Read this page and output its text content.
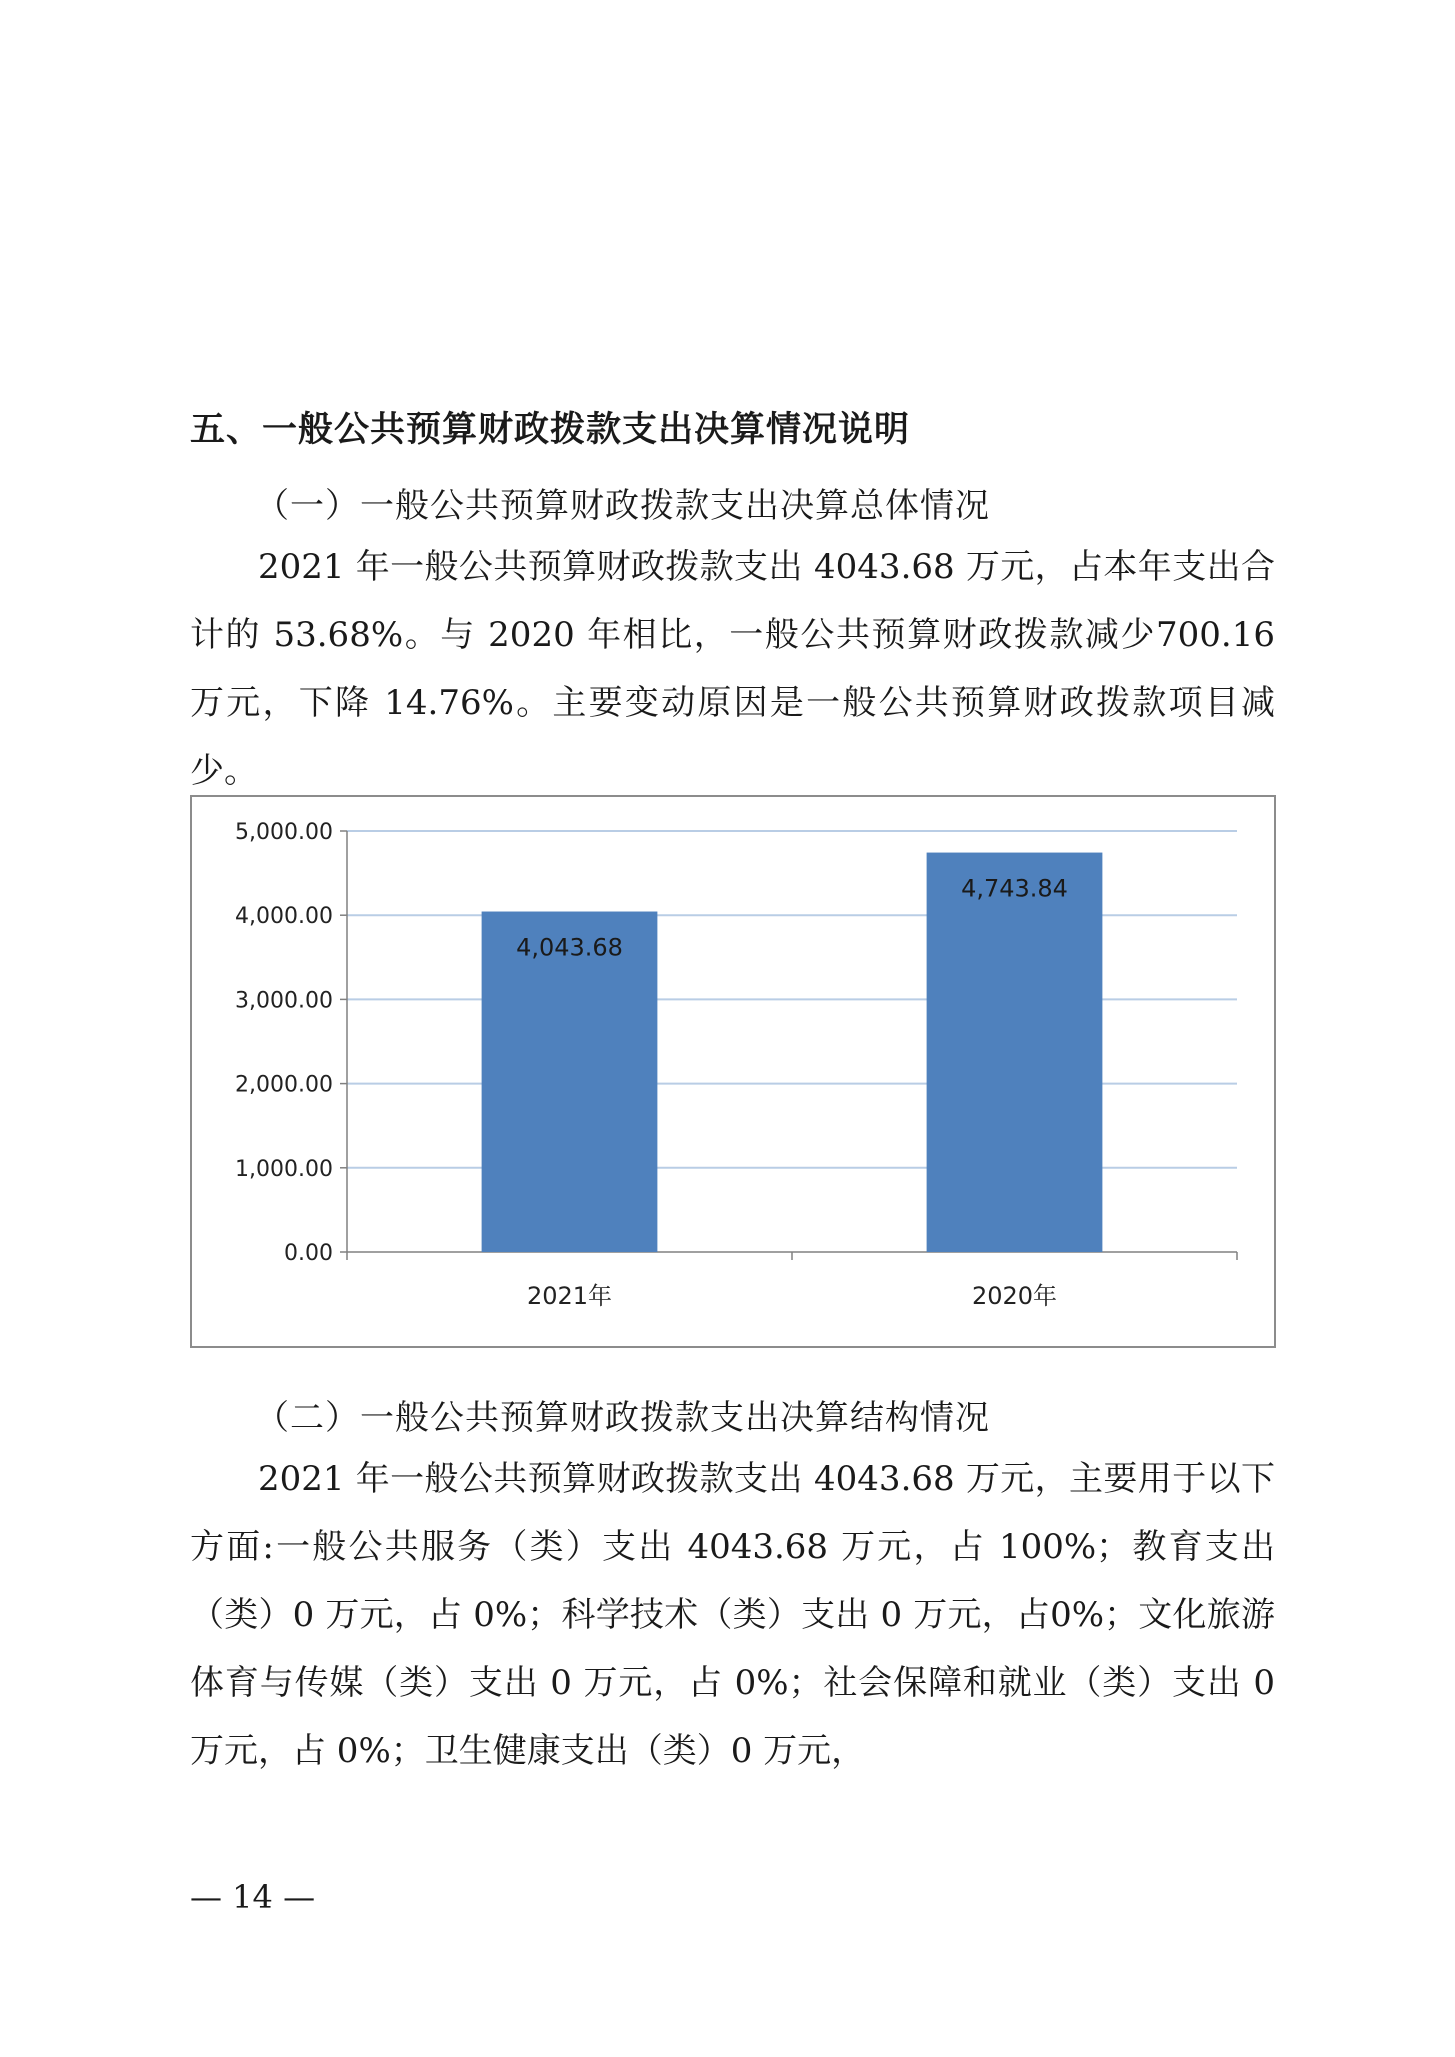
五、一般公共预算财政拨款支出决算情况说明
（一）一般公共预算财政拨款支出决算总体情况
2021 年一般公共预算财政拨款支出 4043.68 万元，占本年支出合计的 53.68%。与 2020 年相比，一般公共预算财政拨款减少700.16 万元，下降 14.76%。主要变动原因是一般公共预算财政拨款项目减少。
0.00
1,000.00
2,000.00
3,000.00
4,000.00
5,000.00
4,043.68
2021年
4,743.84
2020年
（二）一般公共预算财政拨款支出决算结构情况
2021 年一般公共预算财政拨款支出 4043.68 万元，主要用于以下方面:一般公共服务（类）支出 4043.68 万元，占 100%；教育支出（类）0 万元，占 0%；科学技术（类）支出 0 万元，占0%；文化旅游体育与传媒（类）支出 0 万元，占 0%；社会保障和就业（类）支出 0 万元，占 0%；卫生健康支出（类）0 万元，
— 14 —
